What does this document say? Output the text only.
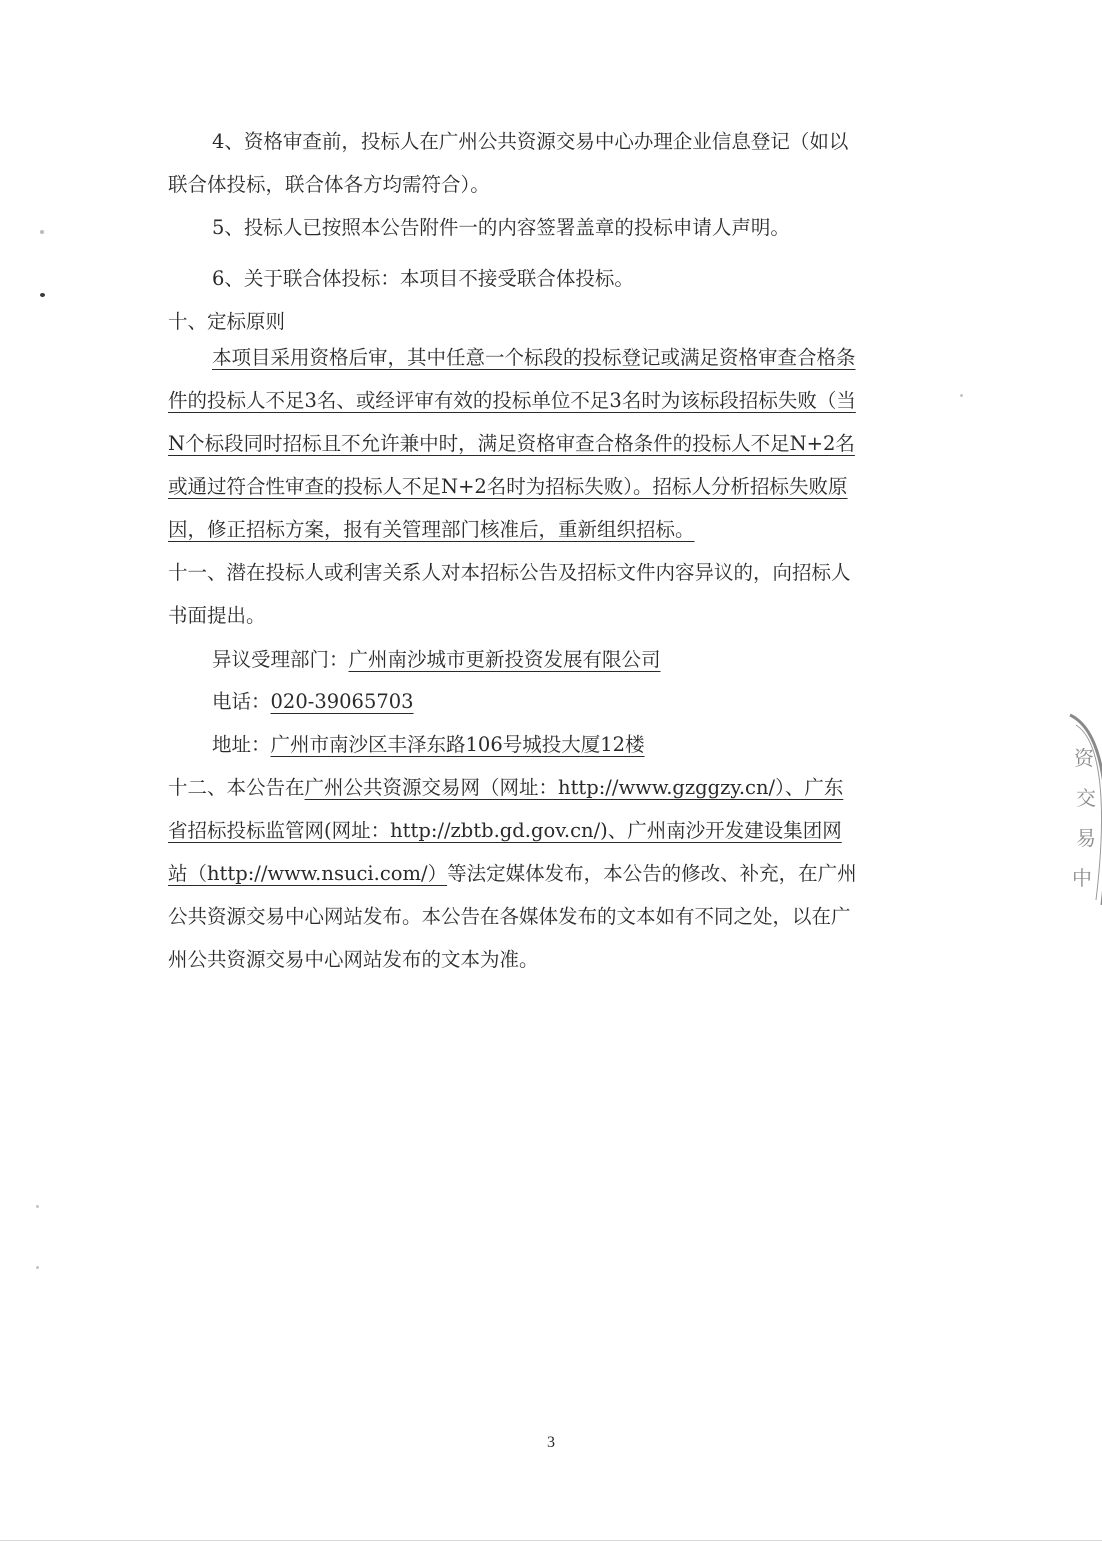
4、资格审查前，投标人在广州公共资源交易中心办理企业信息登记（如以
联合体投标，联合体各方均需符合）。
5、投标人已按照本公告附件一的内容签署盖章的投标申请人声明。
6、关于联合体投标：本项目不接受联合体投标。
十、定标原则
本项目采用资格后审，其中任意一个标段的投标登记或满足资格审查合格条
件的投标人不足3名、或经评审有效的投标单位不足3名时为该标段招标失败（当
N个标段同时招标且不允许兼中时，满足资格审查合格条件的投标人不足N+2名
或通过符合性审查的投标人不足N+2名时为招标失败）。招标人分析招标失败原
因，修正招标方案，报有关管理部门核准后，重新组织招标。
十一、潜在投标人或利害关系人对本招标公告及招标文件内容异议的，向招标人
书面提出。
异议受理部门：广州南沙城市更新投资发展有限公司
电话：020-39065703
地址：广州市南沙区丰泽东路106号城投大厦12楼
十二、本公告在广州公共资源交易网（网址：http://www.gzggzy.cn/）、广东
省招标投标监管网(网址：http://zbtb.gd.gov.cn/)、广州南沙开发建设集团网
站（http://www.nsuci.com/）等法定媒体发布，本公告的修改、补充，在广州
公共资源交易中心网站发布。本公告在各媒体发布的文本如有不同之处，以在广
州公共资源交易中心网站发布的文本为准。
3
资
交
易
中
